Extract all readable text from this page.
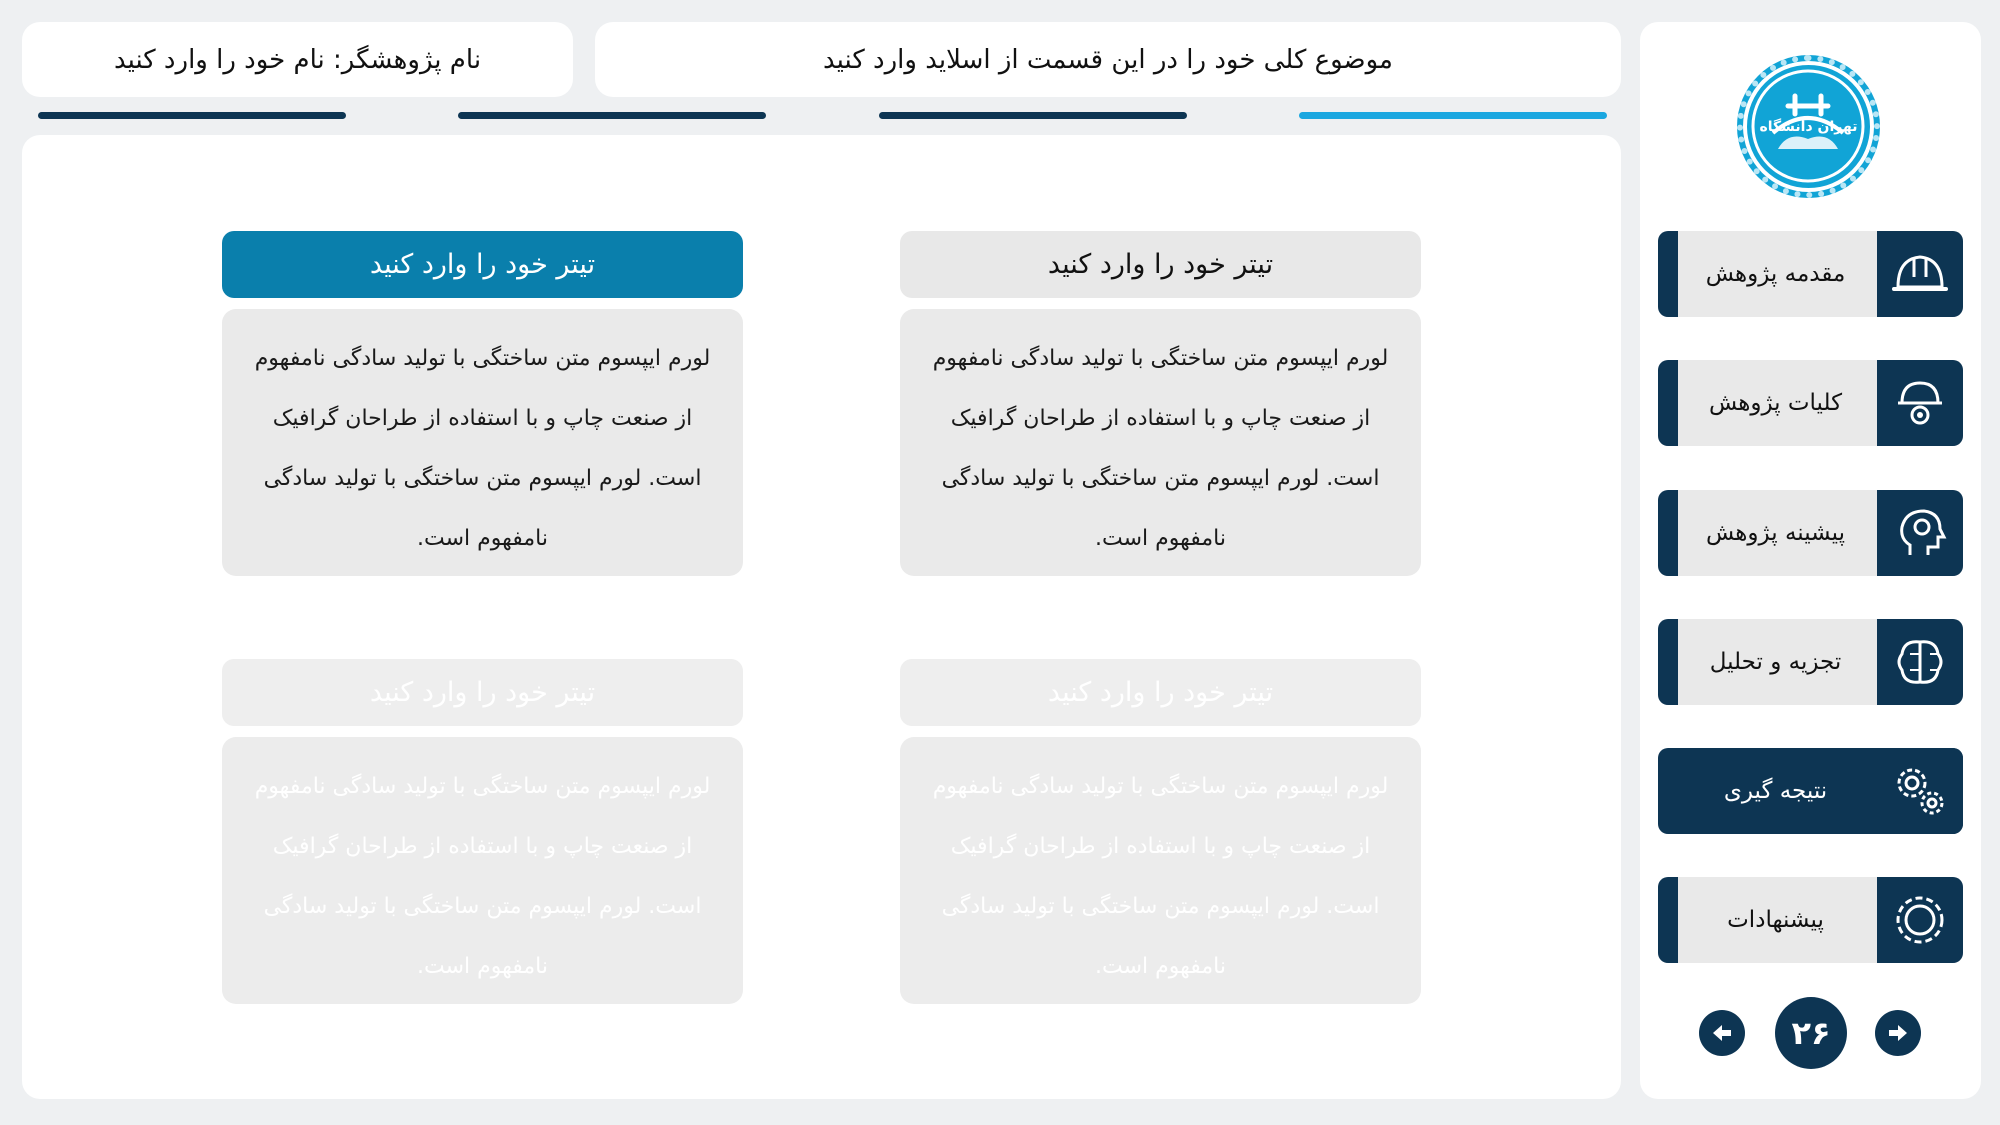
نام پژوهشگر: نام خود را وارد کنید	موضوع کلی خود را در این قسمت از اسلاید وارد کنید
تیتر خود را وارد کنید
لورم ایپسوم متن ساختگی با تولید سادگی نامفهوم از صنعت چاپ و با استفاده از طراحان گرافیک است. لورم ایپسوم متن ساختگی با تولید سادگی نامفهوم است.
تیتر خود را وارد کنید
لورم ایپسوم متن ساختگی با تولید سادگی نامفهوم از صنعت چاپ و با استفاده از طراحان گرافیک است. لورم ایپسوم متن ساختگی با تولید سادگی نامفهوم است.
تیتر خود را وارد کنید
لورم ایپسوم متن ساختگی با تولید سادگی نامفهوم از صنعت چاپ و با استفاده از طراحان گرافیک است. لورم ایپسوم متن ساختگی با تولید سادگی نامفهوم است.
تیتر خود را وارد کنید
لورم ایپسوم متن ساختگی با تولید سادگی نامفهوم از صنعت چاپ و با استفاده از طراحان گرافیک است. لورم ایپسوم متن ساختگی با تولید سادگی نامفهوم است.
تهران دانشگاه
مقدمه پژوهش
کلیات پژوهش
پیشینه پژوهش
تجزیه و تحلیل
نتیجه گیری
پیشنهادات
۲۶
